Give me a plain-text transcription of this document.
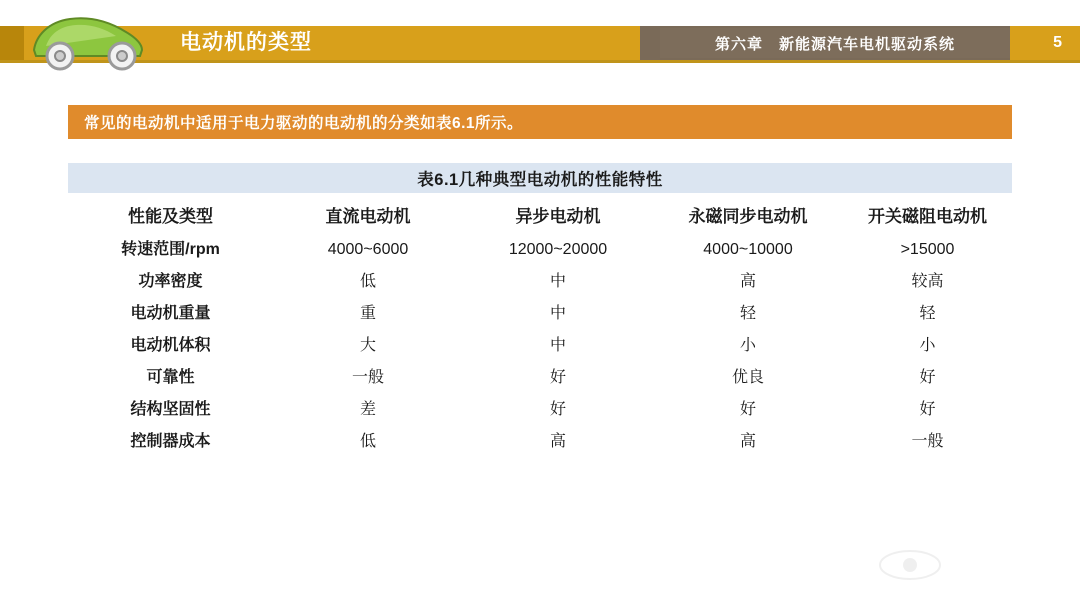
电动机的类型	第六章　新能源汽车电机驱动系统	5
常见的电动机中适用于电力驱动的电动机的分类如表6.1所示。
表6.1几种典型电动机的性能特性
性能及类型	直流电动机	异步电动机	永磁同步电动机	开关磁阻电动机
转速范围/rpm	4000~6000	12000~20000	4000~10000	>15000
功率密度	低	中	高	较高
电动机重量	重	中	轻	轻
电动机体积	大	中	小	小
可靠性	一般	好	优良	好
结构坚固性	差	好	好	好
控制器成本	低	高	高	一般
